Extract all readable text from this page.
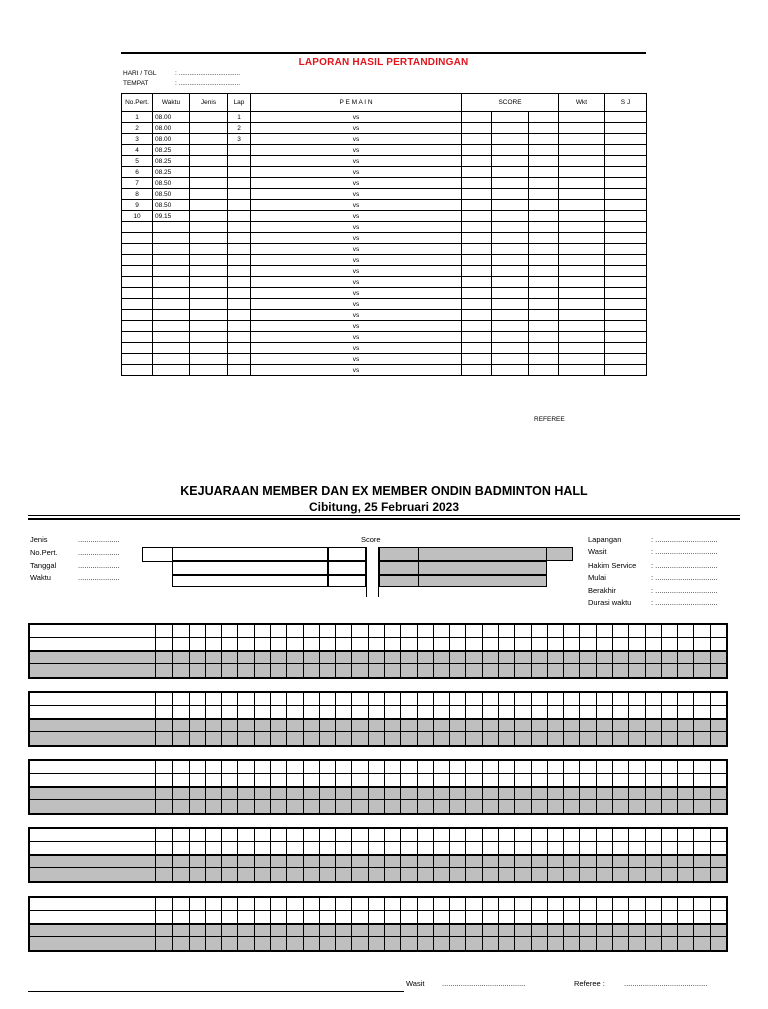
LAPORAN HASIL PERTANDINGAN
HARI / TGL	: ..................................
TEMPAT	: ..................................
No.Pert.	Waktu	Jenis	Lap	P E M A I N	SCORE			Wkt	S J
1	08.00		1	vs					
2	08.00		2	vs					
3	08.00		3	vs					
4	08.25			vs					
5	08.25			vs					
6	08.25			vs					
7	08.50			vs					
8	08.50			vs					
9	08.50			vs					
10	09.15			vs					
				vs					
				vs					
				vs					
				vs					
				vs					
				vs					
				vs					
				vs					
				vs					
				vs					
				vs					
				vs					
				vs					
				vs					
REFEREE
KEJUARAAN MEMBER DAN EX MEMBER ONDIN BADMINTON HALL
Cibitung, 25 Februari 2023
Jenis	....................
No.Pert.	....................
Tanggal	....................
Waktu	....................
Score	Lapangan	: ..............................
Wasit	: ..............................
Hakim Service : ..............................
Mulai	: ..............................
Berakhir	: ..............................
Durasi waktu	: ..............................
Wasit ........................................	Referee :	........................................
